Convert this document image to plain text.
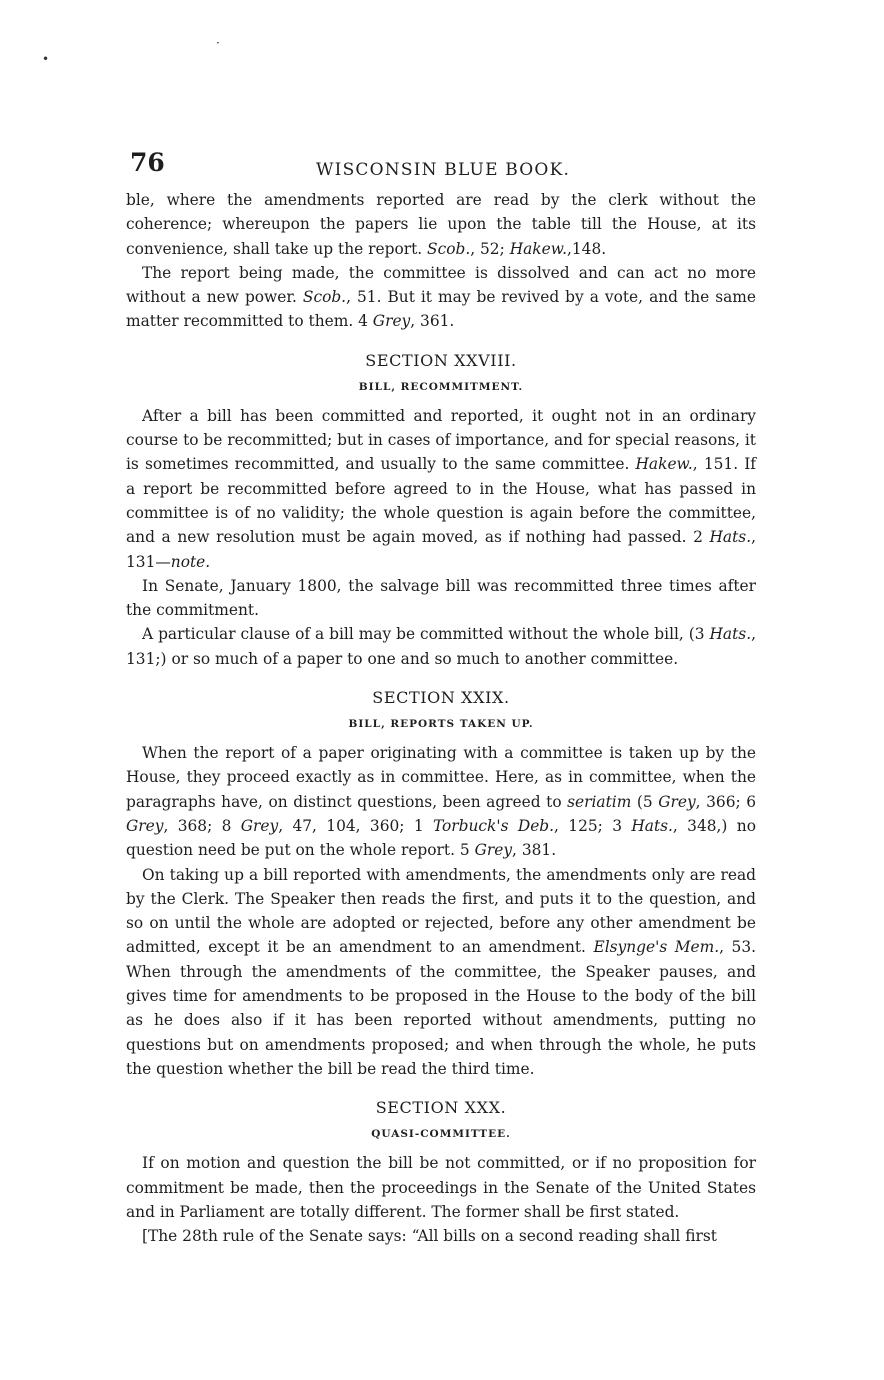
•
·
76	WISCONSIN BLUE BOOK.

ble, where the amendments reported are read by the clerk without the coherence; whereupon the papers lie upon the table till the House, at its convenience, shall take up the report. Scob., 52; Hakew.,148.

The report being made, the committee is dissolved and can act no more without a new power. Scob., 51. But it may be revived by a vote, and the same matter recommitted to them. 4 Grey, 361.

SECTION XXVIII.
BILL, RECOMMITMENT.

After a bill has been committed and reported, it ought not in an ordinary course to be recommitted; but in cases of importance, and for special reasons, it is sometimes recommitted, and usually to the same committee. Hakew., 151. If a report be recommitted before agreed to in the House, what has passed in committee is of no validity; the whole question is again before the committee, and a new resolution must be again moved, as if nothing had passed. 2 Hats., 131—note.

In Senate, January 1800, the salvage bill was recommitted three times after the commitment.

A particular clause of a bill may be committed without the whole bill, (3 Hats., 131;) or so much of a paper to one and so much to another committee.

SECTION XXIX.
BILL, REPORTS TAKEN UP.

When the report of a paper originating with a committee is taken up by the House, they proceed exactly as in committee. Here, as in committee, when the paragraphs have, on distinct questions, been agreed to seriatim (5 Grey, 366; 6 Grey, 368; 8 Grey, 47, 104, 360; 1 Torbuck's Deb., 125; 3 Hats., 348,) no question need be put on the whole report. 5 Grey, 381.

On taking up a bill reported with amendments, the amendments only are read by the Clerk. The Speaker then reads the first, and puts it to the question, and so on until the whole are adopted or rejected, before any other amendment be admitted, except it be an amendment to an amendment. Elsynge's Mem., 53. When through the amendments of the committee, the Speaker pauses, and gives time for amendments to be proposed in the House to the body of the bill as he does also if it has been reported without amendments, putting no questions but on amendments proposed; and when through the whole, he puts the question whether the bill be read the third time.

SECTION XXX.
QUASI-COMMITTEE.

If on motion and question the bill be not committed, or if no proposition for commitment be made, then the proceedings in the Senate of the United States and in Parliament are totally different. The former shall be first stated.

[The 28th rule of the Senate says: “All bills on a second reading shall first
